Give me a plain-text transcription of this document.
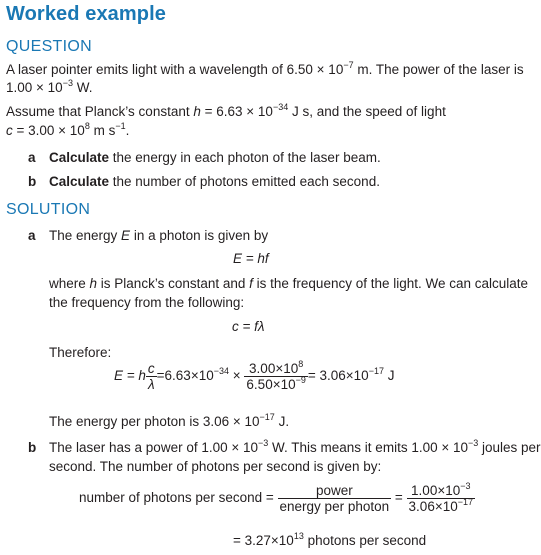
Worked example
QUESTION
A laser pointer emits light with a wavelength of $6.50 \times 10^{-7}$ m. The power of the laser is
$1.00 \times 10^{-3}$ W.
Assume that Planck’s constant $h = 6.63 \times 10^{-34}$ J s, and the speed of light
$c = 3.00 \times 10^8$ m $s^{-1}$.
a Calculate the energy in each photon of the laser beam.
b Calculate the number of photons emitted each second.
SOLUTION
a The energy E in a photon is given by
E = hf
where h is Planck’s constant and f is the frequency of the light. We can calculate
the frequency from the following:
c = fλ
Therefore:
E = h $\frac{c}{\lambda} =6.63\times 10^{-34} \times \frac{3.00\times 10^8}{6.50\times 10^{-9}} = 3.06\times 10^{-17}$ J
The energy per photon is $3.06 \times 10^{-17}$ J.
b The laser has a power of $1.00 \times 10^{-3}$ W. This means it emits $1.00 \times 10^{-3}$ joules per
second. The number of photons per second is given by:
number of photons per second = $\frac{\text{power}}{\text{energy per photon}} = \frac{1.00\times 10^{-3}}{3.06\times 10^{-17}}$
= $3.27\times 10^{13}$ photons per second
